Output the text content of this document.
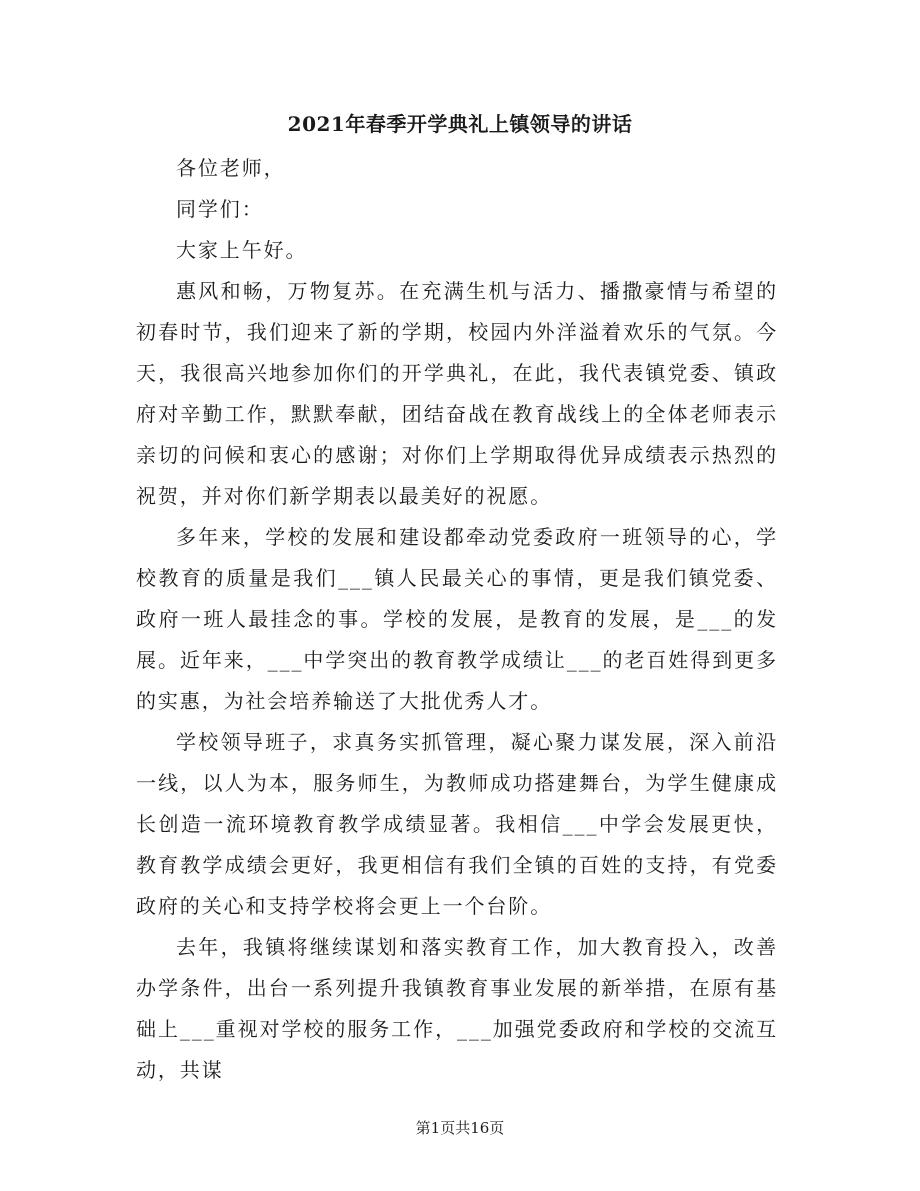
2021年春季开学典礼上镇领导的讲话

各位老师，

同学们：

大家上午好。

惠风和畅，万物复苏。在充满生机与活力、播撒豪情与希望的初春时节，我们迎来了新的学期，校园内外洋溢着欢乐的气氛。今天，我很高兴地参加你们的开学典礼，在此，我代表镇党委、镇政府对辛勤工作，默默奉献，团结奋战在教育战线上的全体老师表示亲切的问候和衷心的感谢；对你们上学期取得优异成绩表示热烈的祝贺，并对你们新学期表以最美好的祝愿。

多年来，学校的发展和建设都牵动党委政府一班领导的心，学校教育的质量是我们___镇人民最关心的事情，更是我们镇党委、政府一班人最挂念的事。学校的发展，是教育的发展，是___的发展。近年来，___中学突出的教育教学成绩让___的老百姓得到更多的实惠，为社会培养输送了大批优秀人才。

学校领导班子，求真务实抓管理，凝心聚力谋发展，深入前沿一线，以人为本，服务师生，为教师成功搭建舞台，为学生健康成长创造一流环境教育教学成绩显著。我相信___中学会发展更快，教育教学成绩会更好，我更相信有我们全镇的百姓的支持，有党委政府的关心和支持学校将会更上一个台阶。

去年，我镇将继续谋划和落实教育工作，加大教育投入，改善办学条件，出台一系列提升我镇教育事业发展的新举措，在原有基础上___重视对学校的服务工作，___加强党委政府和学校的交流互动，共谋

第1页共16页
